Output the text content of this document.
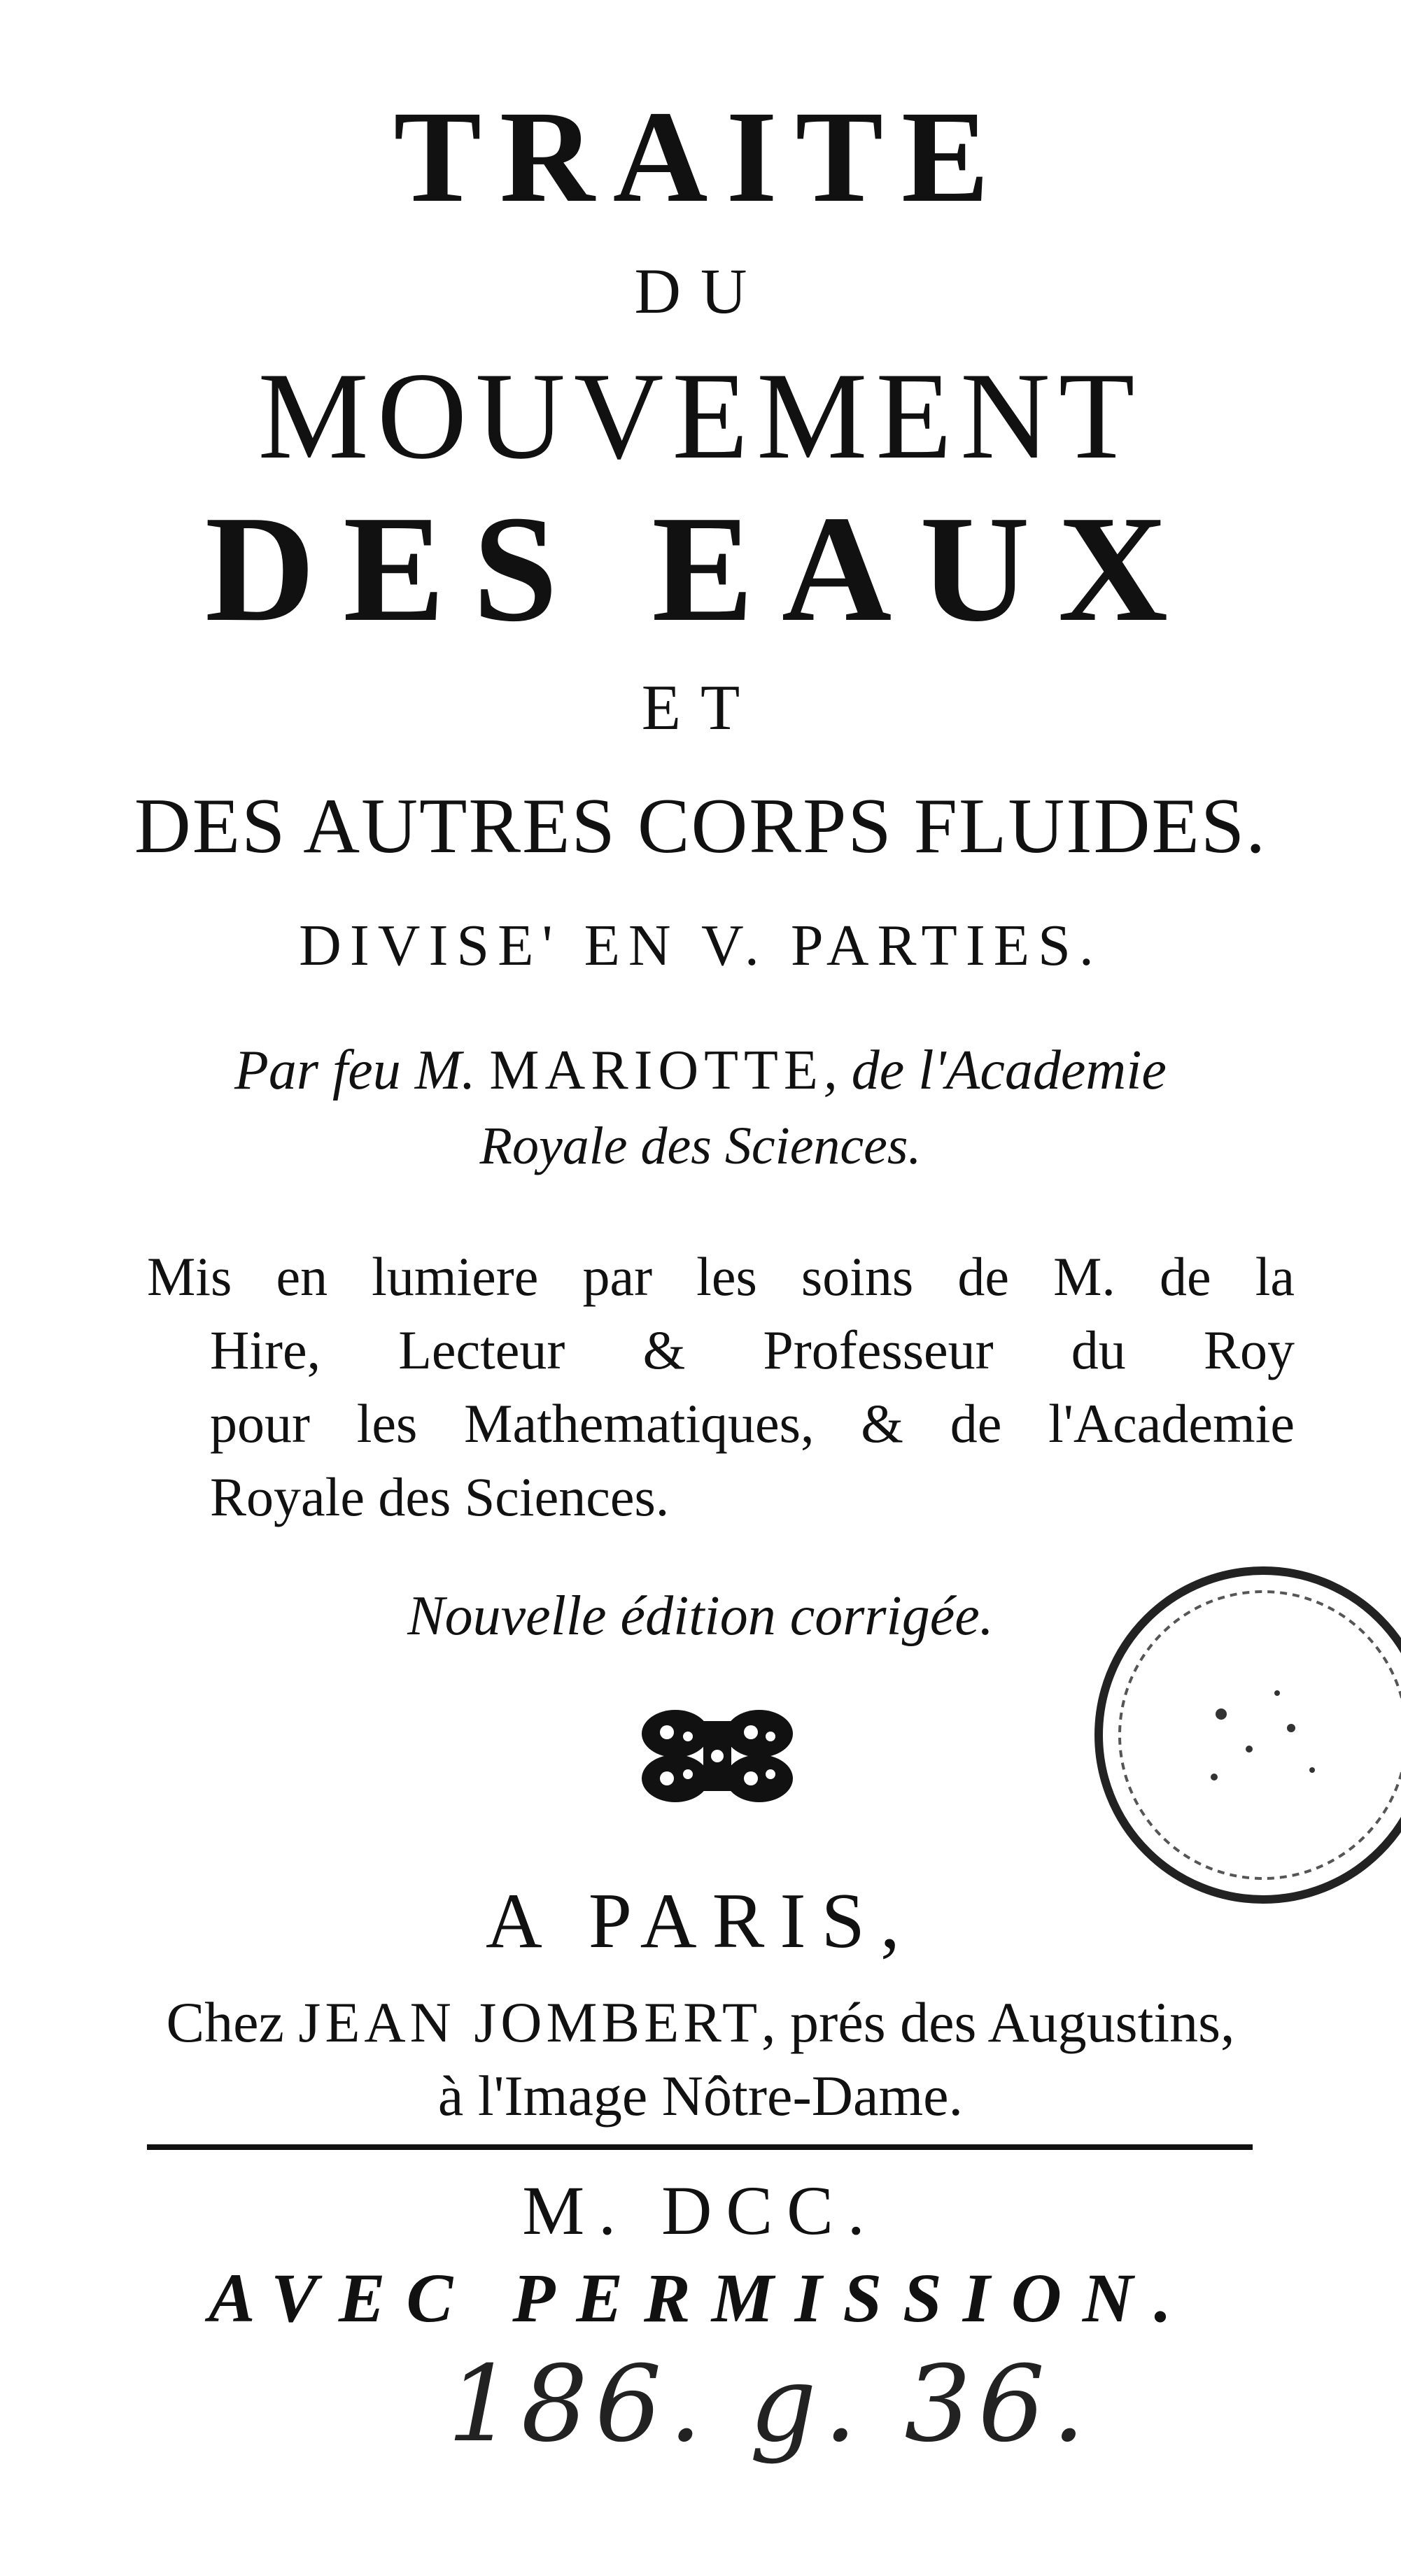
TRAITE
DU
MOUVEMENT
DES EAUX
ET
DES AUTRES CORPS FLUIDES.
DIVISE' EN V. PARTIES.
Par feu M. MARIOTTE, de l'Academie
Royale des Sciences.
Mis en lumiere par les soins de M. de la
Hire, Lecteur & Professeur du Roy
pour les Mathematiques, & de l'Academie
Royale des Sciences.
Nouvelle édition corrigée.
A PARIS,
Chez JEAN JOMBERT, prés des Augustins,
à l'Image Nôtre-Dame.
M. DCC.
AVEC PERMISSION.
186. g. 36.
